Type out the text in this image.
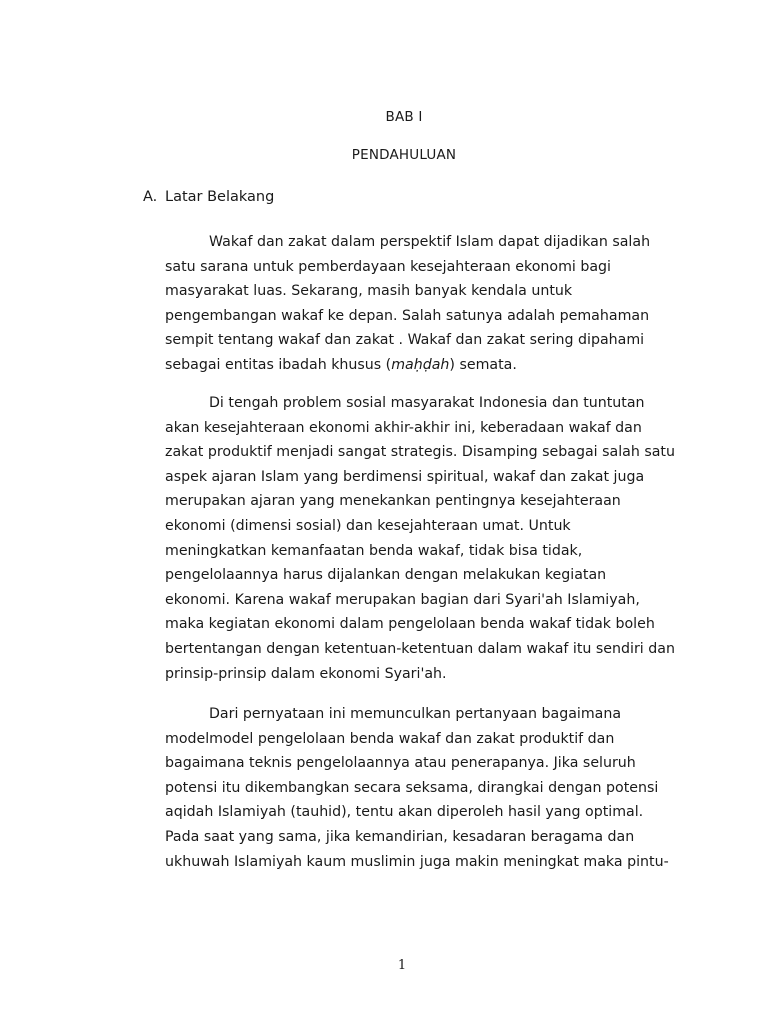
BAB I
PENDAHULUAN
A. Latar Belakang

Wakaf dan zakat dalam perspektif Islam dapat dijadikan salah
satu sarana untuk pemberdayaan kesejahteraan ekonomi bagi
masyarakat luas. Sekarang, masih banyak kendala untuk
pengembangan wakaf ke depan. Salah satunya adalah pemahaman
sempit tentang wakaf dan zakat . Wakaf dan zakat sering dipahami
sebagai entitas ibadah khusus (maḥḍah) semata.

Di tengah problem sosial masyarakat Indonesia dan tuntutan
akan kesejahteraan ekonomi akhir-akhir ini, keberadaan wakaf dan
zakat produktif menjadi sangat strategis. Disamping sebagai salah satu
aspek ajaran Islam yang berdimensi spiritual, wakaf dan zakat juga
merupakan ajaran yang menekankan pentingnya kesejahteraan
ekonomi (dimensi sosial) dan kesejahteraan umat. Untuk
meningkatkan kemanfaatan benda wakaf, tidak bisa tidak,
pengelolaannya harus dijalankan dengan melakukan kegiatan
ekonomi. Karena wakaf merupakan bagian dari Syari'ah Islamiyah,
maka kegiatan ekonomi dalam pengelolaan benda wakaf tidak boleh
bertentangan dengan ketentuan-ketentuan dalam wakaf itu sendiri dan
prinsip-prinsip dalam ekonomi Syari'ah.

Dari pernyataan ini memunculkan pertanyaan bagaimana
modelmodel pengelolaan benda wakaf dan zakat produktif dan
bagaimana teknis pengelolaannya atau penerapanya. Jika seluruh
potensi itu dikembangkan secara seksama, dirangkai dengan potensi
aqidah Islamiyah (tauhid), tentu akan diperoleh hasil yang optimal.
Pada saat yang sama, jika kemandirian, kesadaran beragama dan
ukhuwah Islamiyah kaum muslimin juga makin meningkat maka pintu-

1
